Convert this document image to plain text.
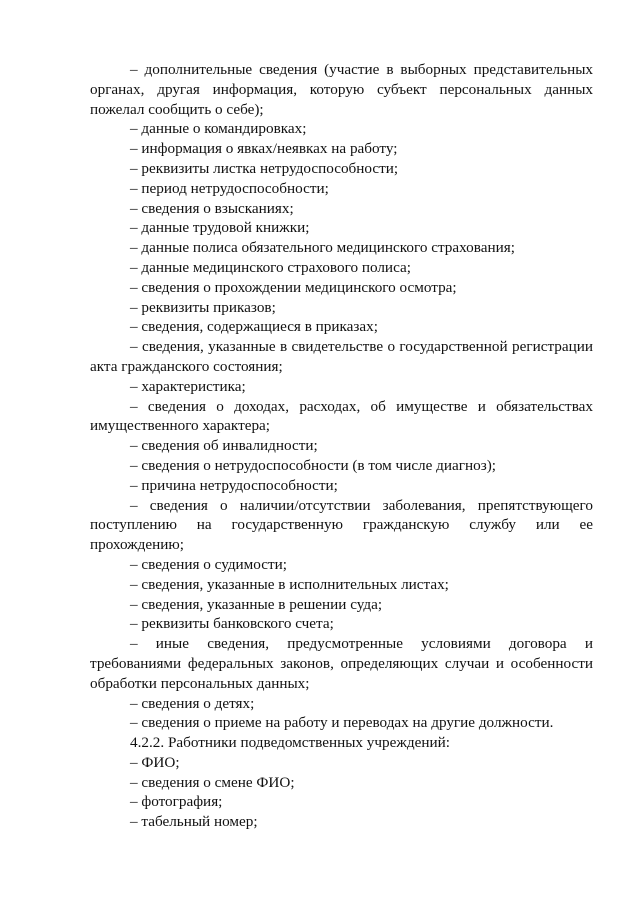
– дополнительные сведения (участие в выборных представительных органах, другая информация, которую субъект персональных данных пожелал сообщить о себе);

– данные о командировках;

– информация о явках/неявках на работу;

– реквизиты листка нетрудоспособности;

– период нетрудоспособности;

– сведения о взысканиях;

– данные трудовой книжки;

– данные полиса обязательного медицинского страхования;

– данные медицинского страхового полиса;

– сведения о прохождении медицинского осмотра;

– реквизиты приказов;

– сведения, содержащиеся в приказах;

– сведения, указанные в свидетельстве о государственной регистрации акта гражданского состояния;

– характеристика;

– сведения о доходах, расходах, об имуществе и обязательствах имущественного характера;

– сведения об инвалидности;

– сведения о нетрудоспособности (в том числе диагноз);

– причина нетрудоспособности;

– сведения о наличии/отсутствии заболевания, препятствующего поступлению на государственную гражданскую службу или ее прохождению;

– сведения о судимости;

– сведения, указанные в исполнительных листах;

– сведения, указанные в решении суда;

– реквизиты банковского счета;

– иные сведения, предусмотренные условиями договора и требованиями федеральных законов, определяющих случаи и особенности обработки персональных данных;

– сведения о детях;

– сведения о приеме на работу и переводах на другие должности.

4.2.2. Работники подведомственных учреждений:

– ФИО;

– сведения о смене ФИО;

– фотография;

– табельный номер;
